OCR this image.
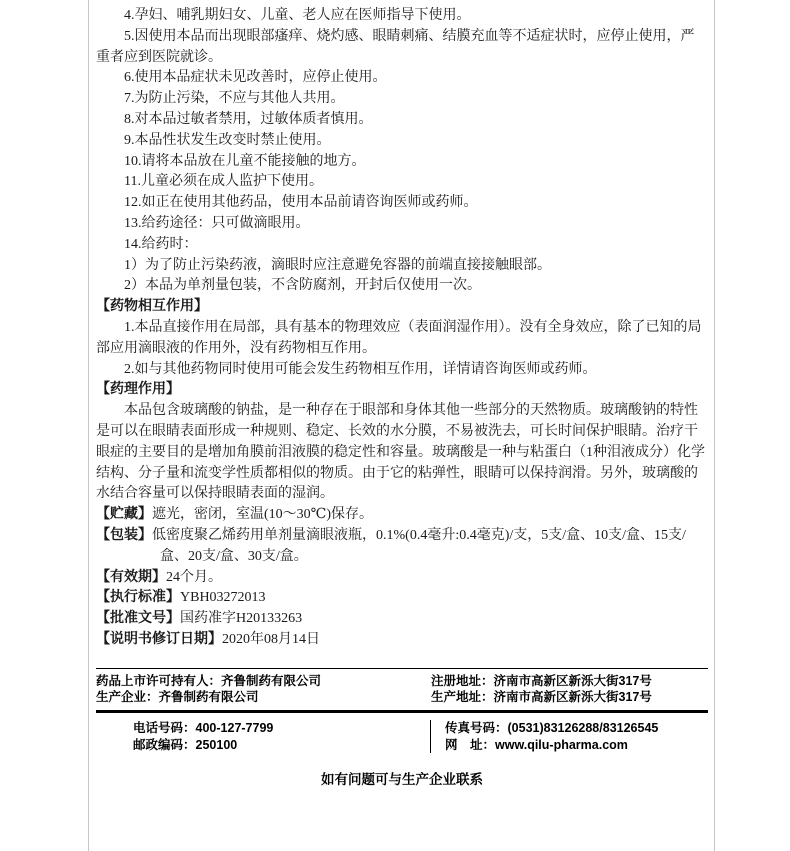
4.孕妇、哺乳期妇女、儿童、老人应在医师指导下使用。

5.因使用本品而出现眼部瘙痒、烧灼感、眼睛刺痛、结膜充血等不适症状时，应停止使用，严重者应到医院就诊。

6.使用本品症状未见改善时，应停止使用。

7.为防止污染，不应与其他人共用。

8.对本品过敏者禁用，过敏体质者慎用。

9.本品性状发生改变时禁止使用。

10.请将本品放在儿童不能接触的地方。

11.儿童必须在成人监护下使用。

12.如正在使用其他药品，使用本品前请咨询医师或药师。

13.给药途径：只可做滴眼用。

14.给药时：

1）为了防止污染药液，滴眼时应注意避免容器的前端直接接触眼部。

2）本品为单剂量包装，不含防腐剂，开封后仅使用一次。

【药物相互作用】

1.本品直接作用在局部，具有基本的物理效应（表面润湿作用）。没有全身效应，除了已知的局部应用滴眼液的作用外，没有药物相互作用。

2.如与其他药物同时使用可能会发生药物相互作用，详情请咨询医师或药师。

【药理作用】

本品包含玻璃酸的钠盐，是一种存在于眼部和身体其他一些部分的天然物质。玻璃酸钠的特性是可以在眼睛表面形成一种规则、稳定、长效的水分膜，不易被洗去，可长时间保护眼睛。治疗干眼症的主要目的是增加角膜前泪液膜的稳定性和容量。玻璃酸是一种与粘蛋白（1种泪液成分）化学结构、分子量和流变学性质都相似的物质。由于它的粘弹性，眼睛可以保持润滑。另外，玻璃酸的水结合容量可以保持眼睛表面的湿润。

【贮藏】遮光，密闭，室温(10～30℃)保存。

【包装】低密度聚乙烯药用单剂量滴眼液瓶，0.1%(0.4毫升:0.4毫克)/支，5支/盒、10支/盒、15支/盒、20支/盒、30支/盒。

【有效期】24个月。

【执行标准】YBH03272013

【批准文号】国药准字H20133263

【说明书修订日期】2020年08月14日

药品上市许可持有人：齐鲁制药有限公司	注册地址：济南市高新区新泺大街317号
生产企业：齐鲁制药有限公司	生产地址：济南市高新区新泺大街317号
电话号码：400-127-7799
邮政编码：250100
传真号码：(0531)83126288/83126545
网　址：www.qilu-pharma.com

如有问题可与生产企业联系
